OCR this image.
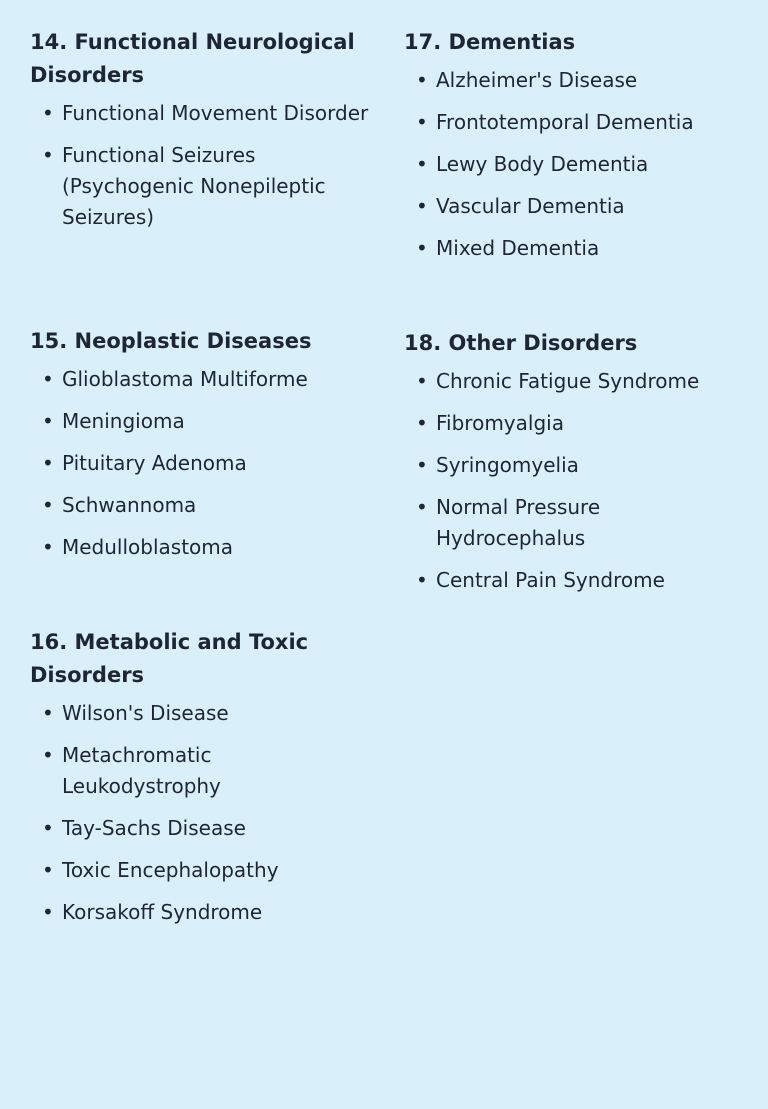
14. Functional Neurological Disorders
• Functional Movement Disorder
• Functional Seizures (Psychogenic Nonepileptic Seizures)
15. Neoplastic Diseases
• Glioblastoma Multiforme
• Meningioma
• Pituitary Adenoma
• Schwannoma
• Medulloblastoma
16. Metabolic and Toxic Disorders
• Wilson's Disease
• Metachromatic Leukodystrophy
• Tay-Sachs Disease
• Toxic Encephalopathy
• Korsakoff Syndrome
17. Dementias
• Alzheimer's Disease
• Frontotemporal Dementia
• Lewy Body Dementia
• Vascular Dementia
• Mixed Dementia
18. Other Disorders
• Chronic Fatigue Syndrome
• Fibromyalgia
• Syringomyelia
• Normal Pressure Hydrocephalus
• Central Pain Syndrome
